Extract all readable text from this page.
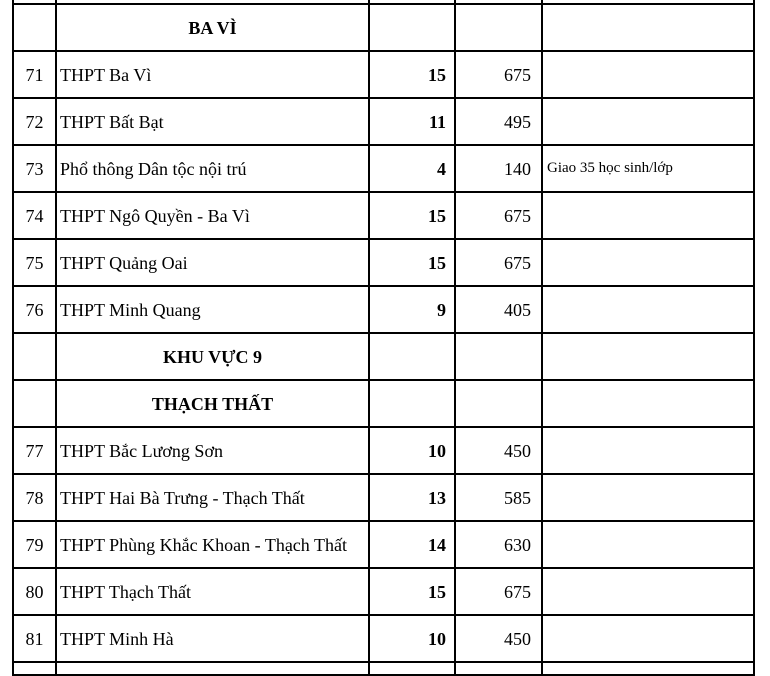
	BA VÌ			
71	THPT Ba Vì	15	675	
72	THPT Bất Bạt	11	495	
73	Phổ thông Dân tộc nội trú	4	140	Giao 35 học sinh/lớp
74	THPT Ngô Quyền - Ba Vì	15	675	
75	THPT Quảng Oai	15	675	
76	THPT Minh Quang	9	405	
	KHU VỰC 9			
	THẠCH THẤT			
77	THPT Bắc Lương Sơn	10	450	
78	THPT Hai Bà Trưng - Thạch Thất	13	585	
79	THPT Phùng Khắc Khoan - Thạch Thất	14	630	
80	THPT Thạch Thất	15	675	
81	THPT Minh Hà	10	450	
